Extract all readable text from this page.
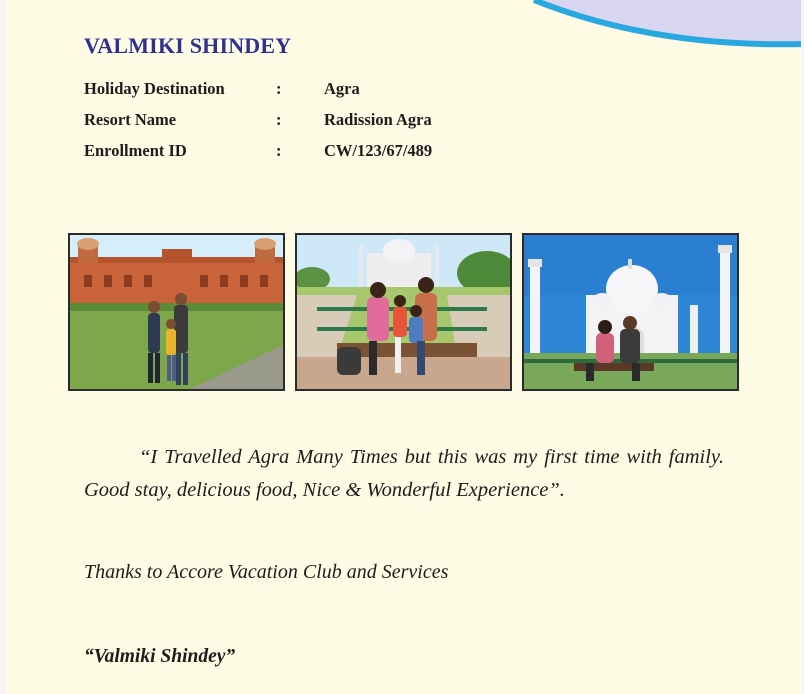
VALMIKI SHINDEY
Holiday Destination	:	Agra
Resort Name	:	Radission Agra
Enrollment ID	:	CW/123/67/489
“I Travelled Agra Many Times but this was my first time with family. Good stay, delicious food, Nice & Wonderful Experience”.
Thanks to Accore Vacation Club and Services
“Valmiki Shindey”
